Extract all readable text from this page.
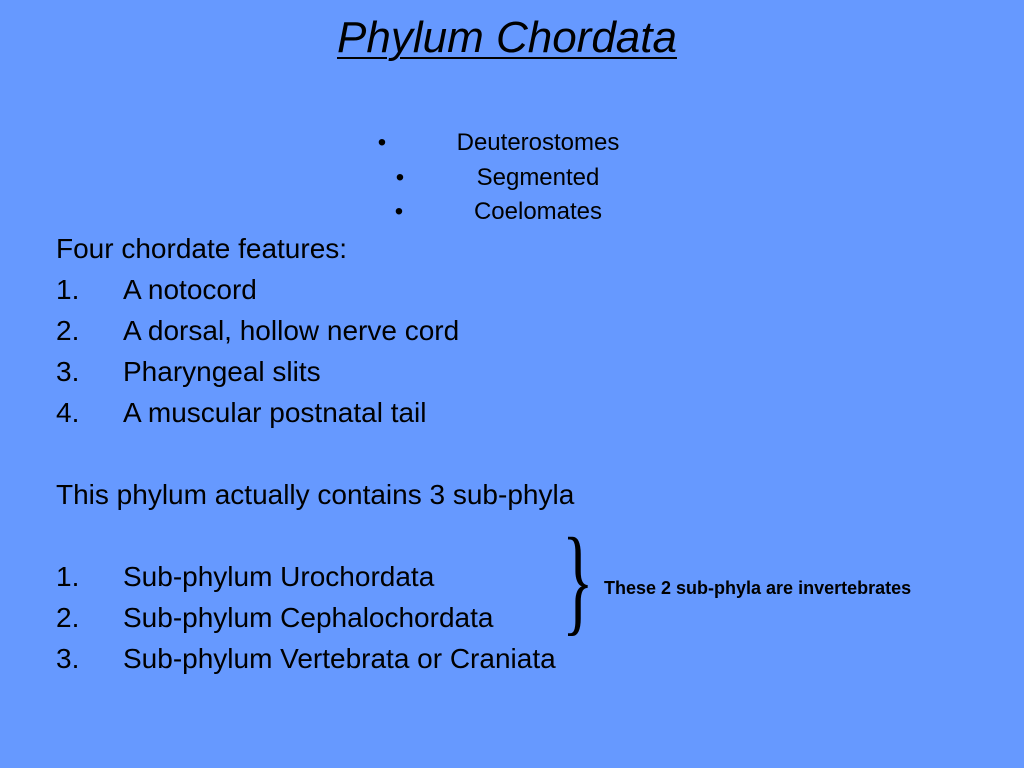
Phylum Chordata
•	Deuterostomes
•	Segmented
•	Coelomates
Four chordate features:
1. A notocord
2. A dorsal, hollow nerve cord
3. Pharyngeal slits
4. A muscular postnatal tail
This phylum actually contains 3 sub-phyla
1. Sub-phylum Urochordata
2. Sub-phylum Cephalochordata
3. Sub-phylum Vertebrata or Craniata
} These 2 sub-phyla are invertebrates
